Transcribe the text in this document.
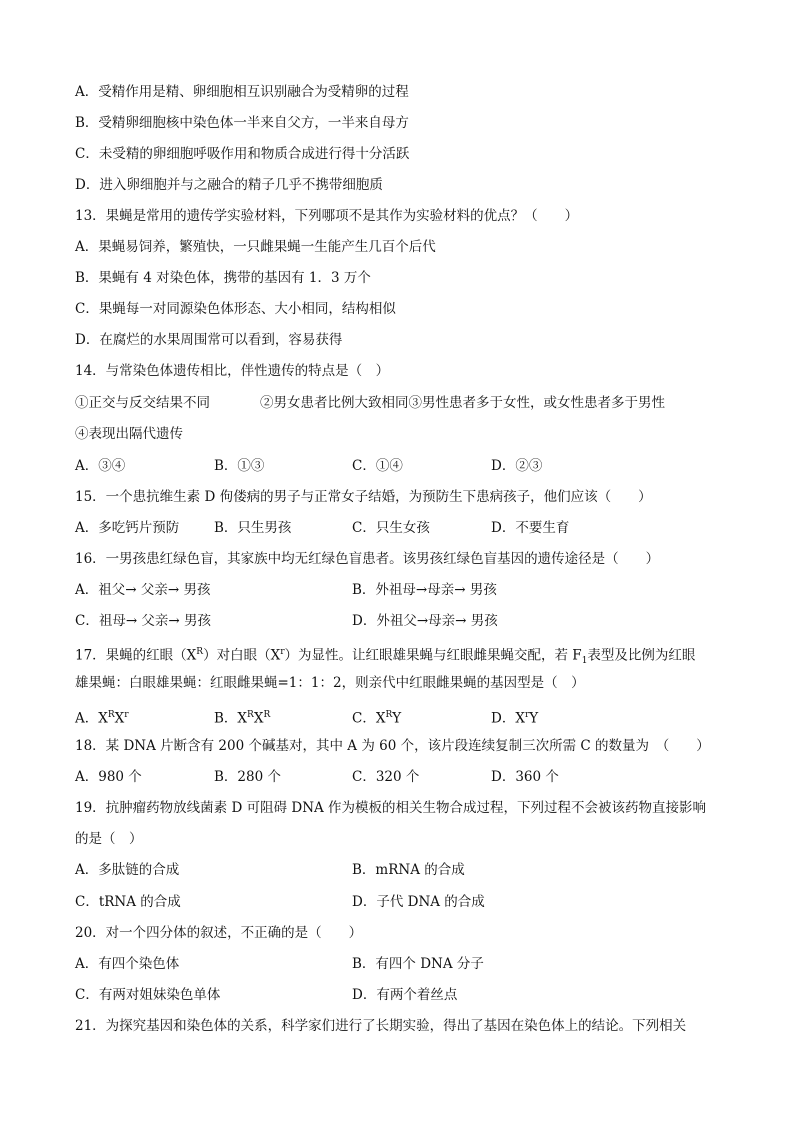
A．受精作用是精、卵细胞相互识别融合为受精卵的过程
B．受精卵细胞核中染色体一半来自父方，一半来自母方
C．未受精的卵细胞呼吸作用和物质合成进行得十分活跃
D．进入卵细胞并与之融合的精子几乎不携带细胞质
13．果蝇是常用的遗传学实验材料，下列哪项不是其作为实验材料的优点？（　　）
A．果蝇易饲养，繁殖快，一只雌果蝇一生能产生几百个后代
B．果蝇有 4 对染色体，携带的基因有 1．3 万个
C．果蝇每一对同源染色体形态、大小相同，结构相似
D．在腐烂的水果周围常可以看到，容易获得
14．与常染色体遗传相比，伴性遗传的特点是（　）
①正交与反交结果不同	②男女患者比例大致相同③男性患者多于女性，或女性患者多于男性
④表现出隔代遗传
A．③④	B．①③	C．①④	D．②③
15．一个患抗维生素 D 佝偻病的男子与正常女子结婚，为预防生下患病孩子，他们应该（　　）
A．多吃钙片预防	B．只生男孩	C．只生女孩	D．不要生育
16．一男孩患红绿色盲，其家族中均无红绿色盲患者。该男孩红绿色盲基因的遗传途径是（　　）
A．祖父→ 父亲→ 男孩	B．外祖母→母亲→ 男孩
C．祖母→ 父亲→ 男孩	D．外祖父→母亲→ 男孩
17．果蝇的红眼$(X^R)$对白眼$(X^r)$为显性。让红眼雄果蝇与红眼雌果蝇交配，若 $F_1$表型及比例为红眼
雄果蝇：白眼雄果蝇：红眼雌果蝇=1：1：2，则亲代中红眼雌果蝇的基因型是（　）
A．$X^RX^r$	B．$X^RX^R$	C．$X^RY$	D．$X^rY$
18．某 DNA 片断含有 200 个碱基对，其中 A 为 60 个，该片段连续复制三次所需 C 的数量为　（　　）
A．980 个	B．280 个	C．320 个	D．360 个
19．抗肿瘤药物放线菌素 D 可阻碍 DNA 作为模板的相关生物合成过程，下列过程不会被该药物直接影响
的是（　）
A．多肽链的合成	B．mRNA 的合成
C．tRNA 的合成	D．子代 DNA 的合成
20．对一个四分体的叙述，不正确的是（　　）
A．有四个染色体	B．有四个 DNA 分子
C．有两对姐妹染色单体	D．有两个着丝点
21．为探究基因和染色体的关系，科学家们进行了长期实验，得出了基因在染色体上的结论。下列相关
